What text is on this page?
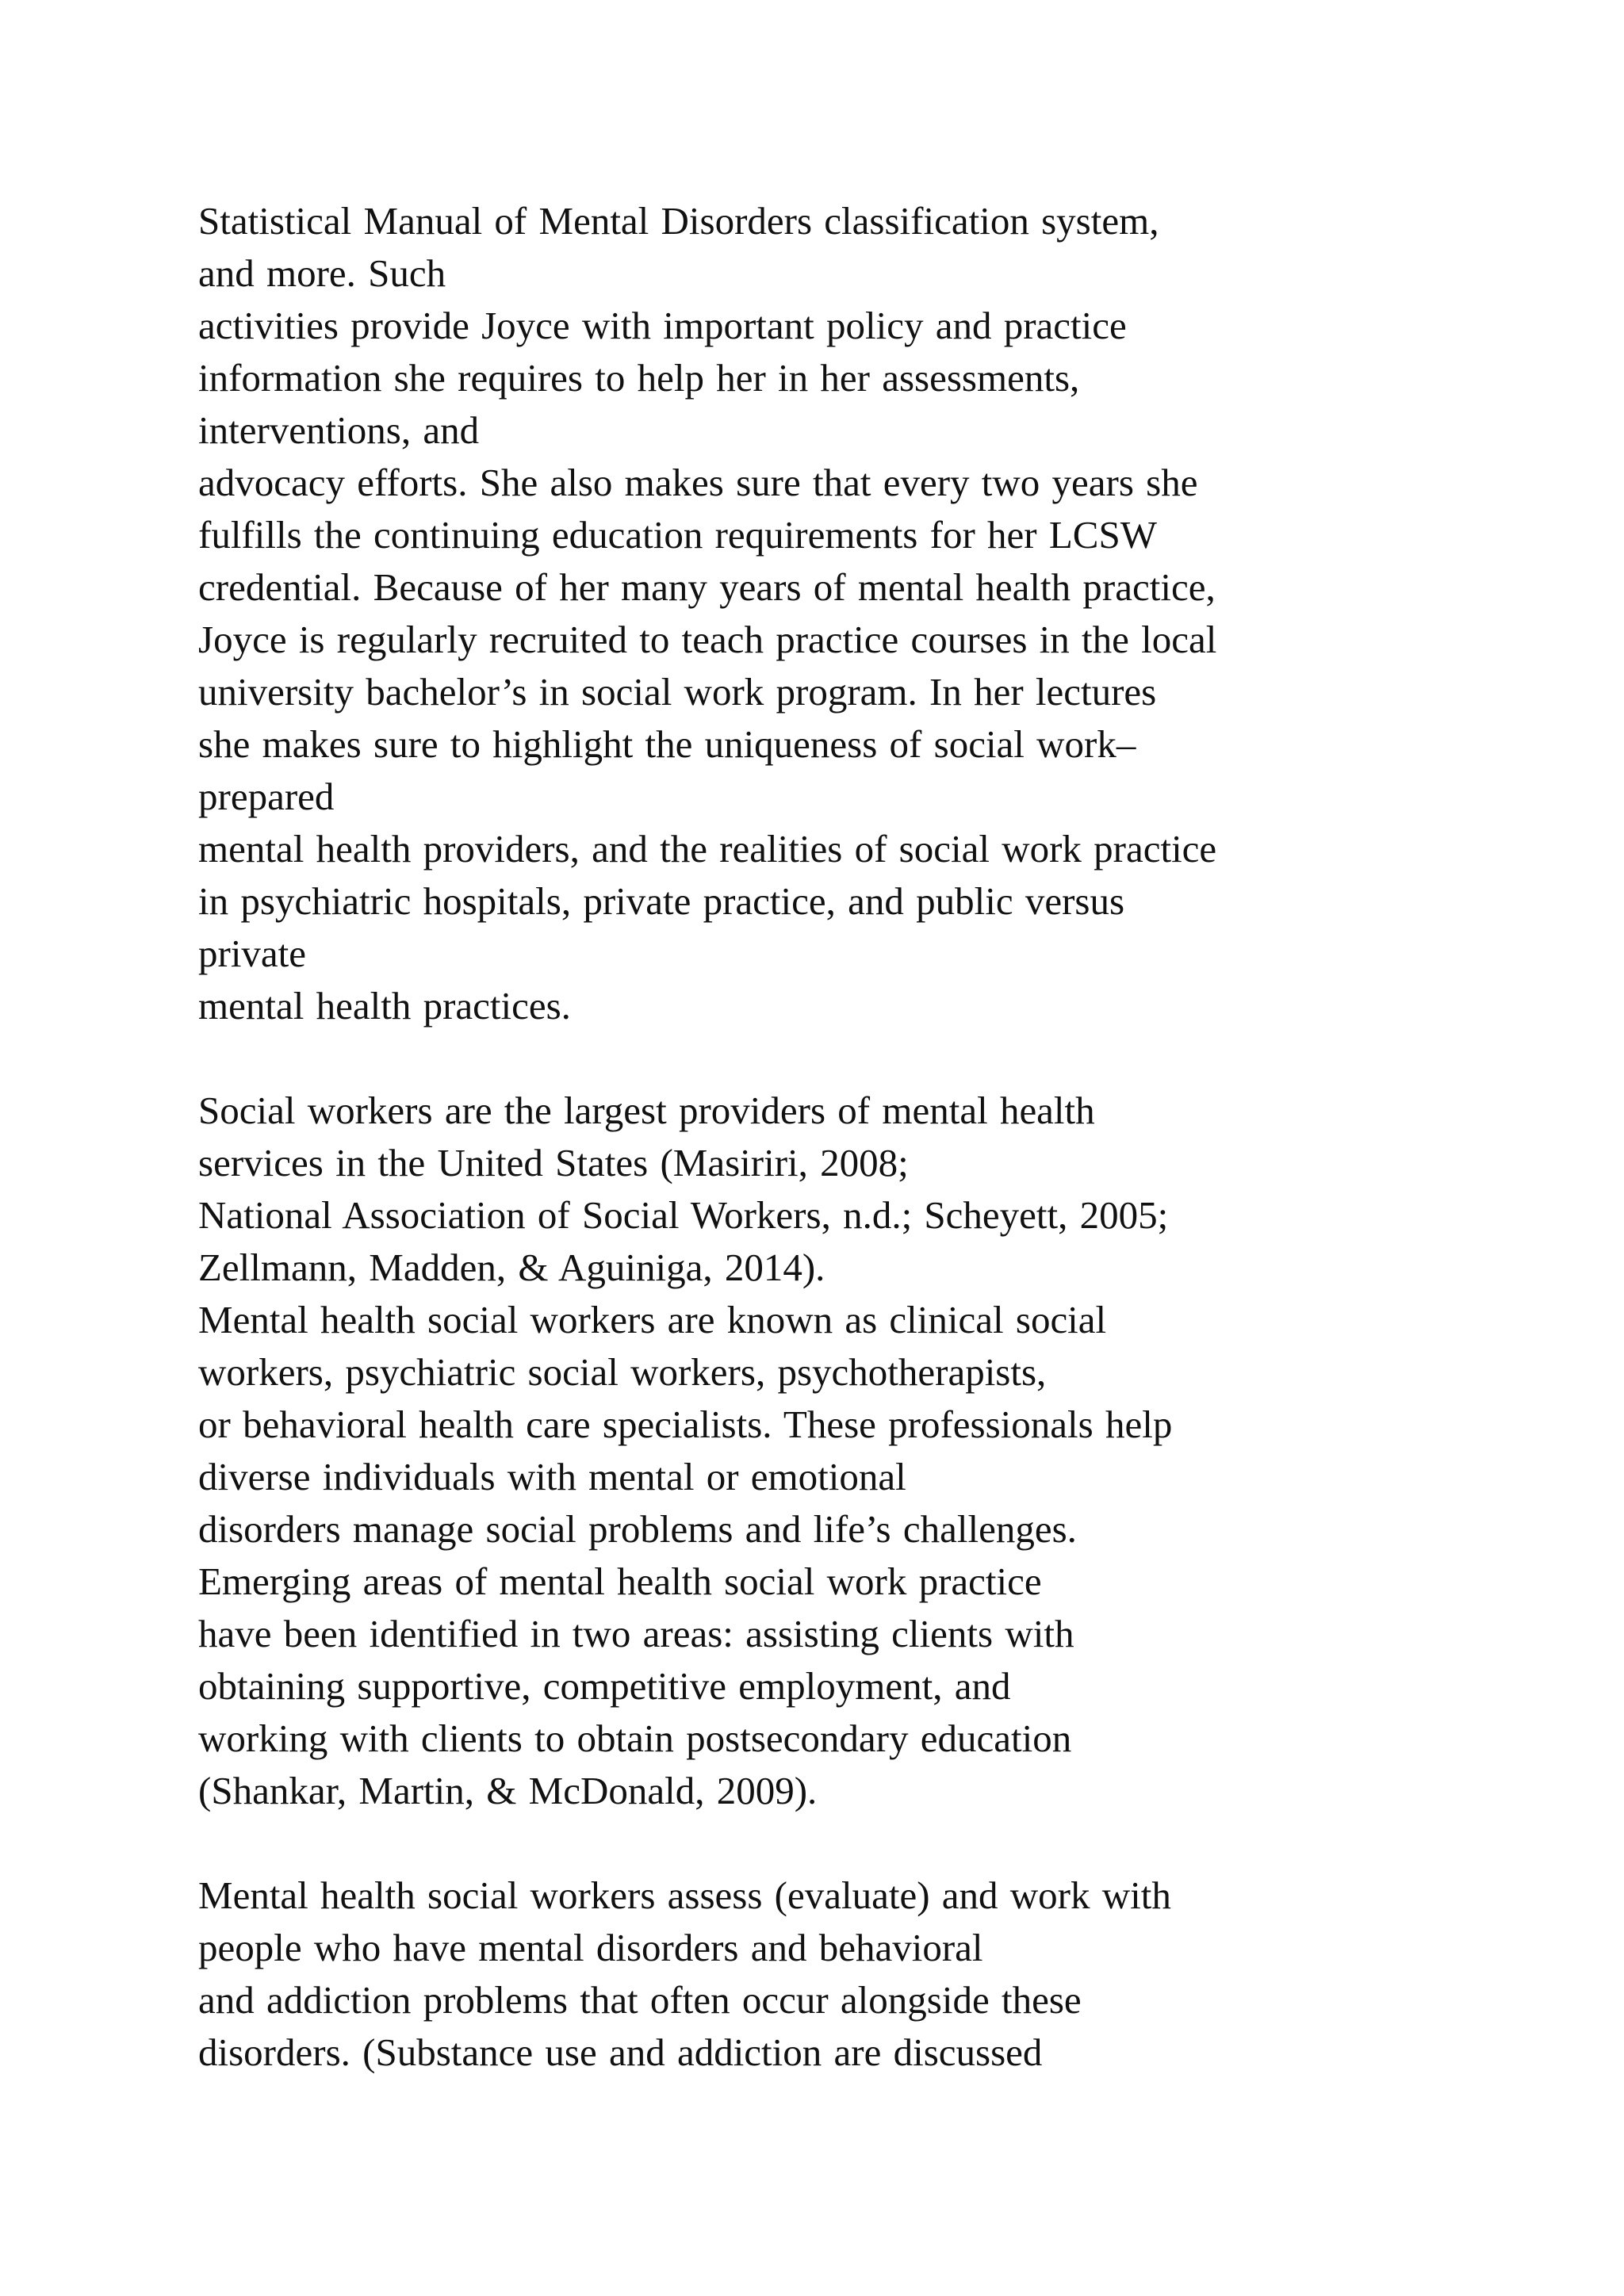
Statistical Manual of Mental Disorders classification system,
and more. Such
activities provide Joyce with important policy and practice
information she requires to help her in her assessments,
interventions, and
advocacy efforts. She also makes sure that every two years she
fulfills the continuing education requirements for her LCSW
credential. Because of her many years of mental health practice,
Joyce is regularly recruited to teach practice courses in the local
university bachelor’s in social work program. In her lectures
she makes sure to highlight the uniqueness of social work–
prepared
mental health providers, and the realities of social work practice
in psychiatric hospitals, private practice, and public versus
private
mental health practices.
Social workers are the largest providers of mental health
services in the United States (Masiriri, 2008;
National Association of Social Workers, n.d.; Scheyett, 2005;
Zellmann, Madden, & Aguiniga, 2014).
Mental health social workers are known as clinical social
workers, psychiatric social workers, psychotherapists,
or behavioral health care specialists. These professionals help
diverse individuals with mental or emotional
disorders manage social problems and life’s challenges.
Emerging areas of mental health social work practice
have been identified in two areas: assisting clients with
obtaining supportive, competitive employment, and
working with clients to obtain postsecondary education
(Shankar, Martin, & McDonald, 2009).
Mental health social workers assess (evaluate) and work with
people who have mental disorders and behavioral
and addiction problems that often occur alongside these
disorders. (Substance use and addiction are discussed
